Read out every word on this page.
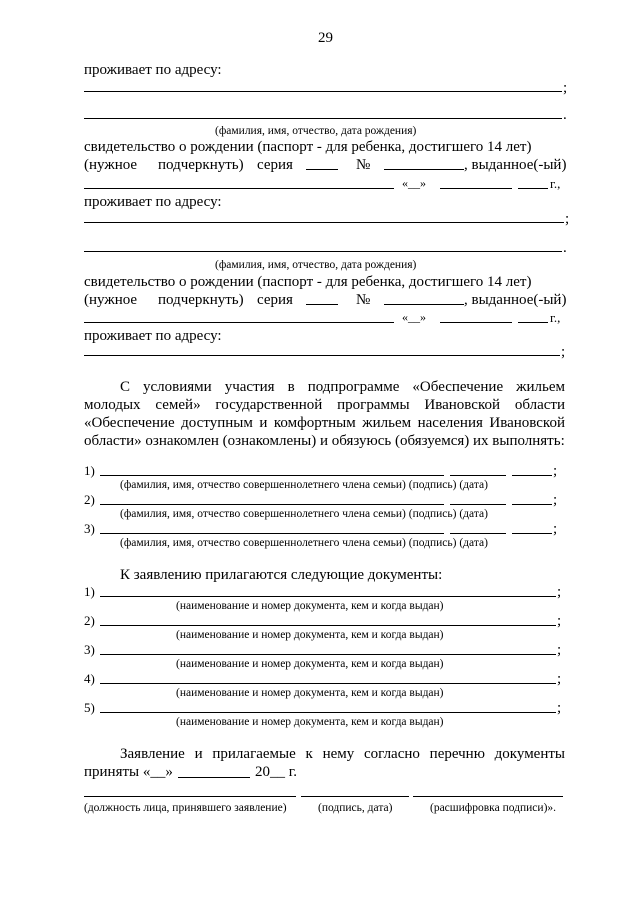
29
проживает по адресу:
;
.
(фамилия, имя, отчество, дата рождения)
свидетельство о рождении (паспорт - для ребенка, достигшего 14 лет)
(нужное подчеркнуть) серия	№	, выданное(-ый)
«__»	г.,
проживает по адресу:
;
.
(фамилия, имя, отчество, дата рождения)
свидетельство о рождении (паспорт - для ребенка, достигшего 14 лет)
(нужное подчеркнуть) серия	№	, выданное(-ый)
«__»	г.,
проживает по адресу:
;
С условиями участия в подпрограмме «Обеспечение жильем
молодых семей» государственной программы Ивановской области
«Обеспечение доступным и комфортным жильем населения Ивановской
области» ознакомлен (ознакомлены) и обязуюсь (обязуемся) их выполнять:
К заявлению прилагаются следующие документы:
Заявление и прилагаемые к нему согласно перечню документы
приняты «__»	20__ г.
(должность лица, принявшего заявление)	(подпись, дата)	(расшифровка подписи)».
1)	;
(фамилия, имя, отчество совершеннолетнего члена семьи) (подпись) (дата)
2)	;
(фамилия, имя, отчество совершеннолетнего члена семьи) (подпись) (дата)
3)	;
(фамилия, имя, отчество совершеннолетнего члена семьи) (подпись) (дата)
1)	;
(наименование и номер документа, кем и когда выдан)
2)	;
(наименование и номер документа, кем и когда выдан)
3)	;
(наименование и номер документа, кем и когда выдан)
4)	;
(наименование и номер документа, кем и когда выдан)
5)	;
(наименование и номер документа, кем и когда выдан)
